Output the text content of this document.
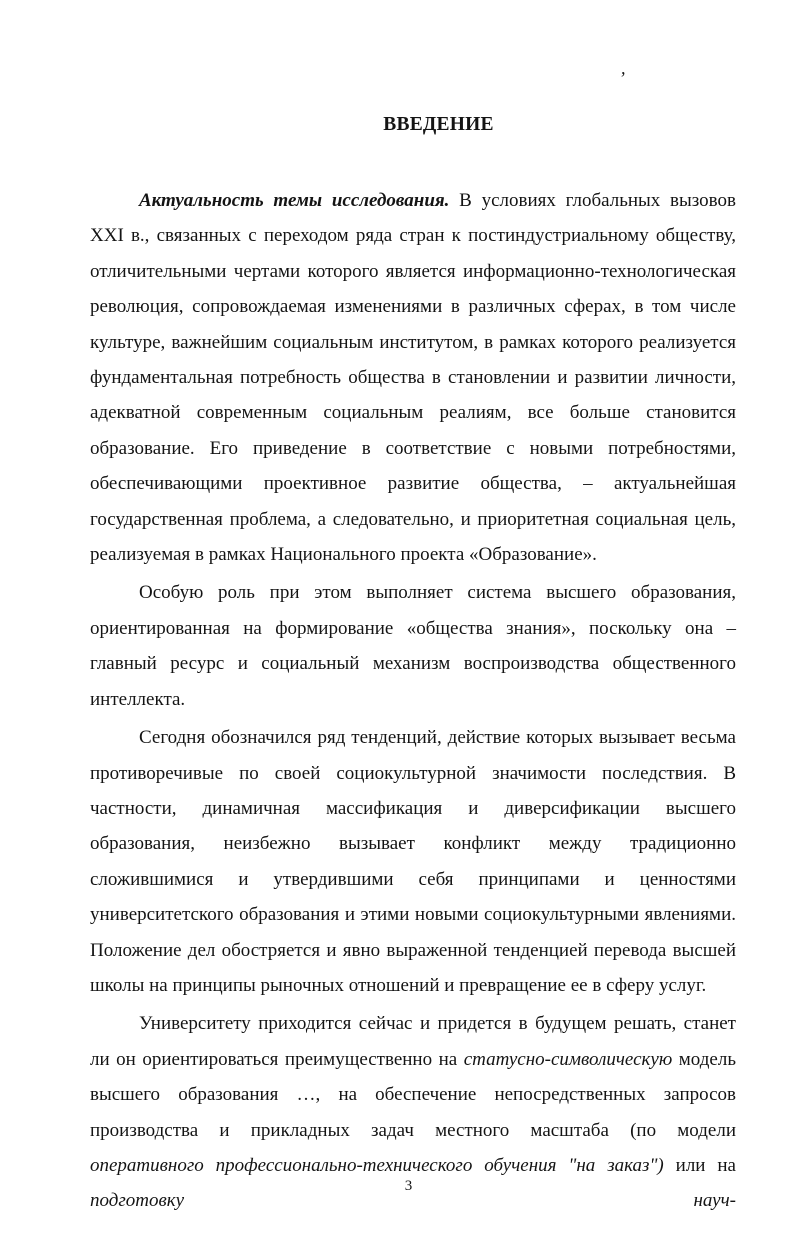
,
ВВЕДЕНИЕ

Актуальность темы исследования. В условиях глобальных вызовов XXI в., связанных с переходом ряда стран к постиндустриальному обществу, отличительными чертами которого является информационно-технологическая революция, сопровождаемая изменениями в различных сферах, в том числе культуре, важнейшим социальным институтом, в рамках которого реализуется фундаментальная потребность общества в становлении и развитии личности, адекватной современным социальным реалиям, все больше становится образование. Его приведение в соответствие с новыми потребностями, обеспечивающими проективное развитие общества, – актуальнейшая государственная проблема, а следовательно, и приоритетная социальная цель, реализуемая в рамках Национального проекта «Образование».

Особую роль при этом выполняет система высшего образования, ориентированная на формирование «общества знания», поскольку она – главный ресурс и социальный механизм воспроизводства общественного интеллекта.

Сегодня обозначился ряд тенденций, действие которых вызывает весьма противоречивые по своей социокультурной значимости последствия. В частности, динамичная массификация и диверсификации высшего образования, неизбежно вызывает конфликт между традиционно сложившимися и утвердившими себя принципами и ценностями университетского образования и этими новыми социокультурными явлениями. Положение дел обостряется и явно выраженной тенденцией перевода высшей школы на принципы рыночных отношений и превращение ее в сферу услуг.

Университету приходится сейчас и придется в будущем решать, станет ли он ориентироваться преимущественно на статусно-символическую модель высшего образования …, на обеспечение непосредственных запросов производства и прикладных задач местного масштаба (по модели оперативного профессионально-технического обучения "на заказ") или на подготовку науч-

3
